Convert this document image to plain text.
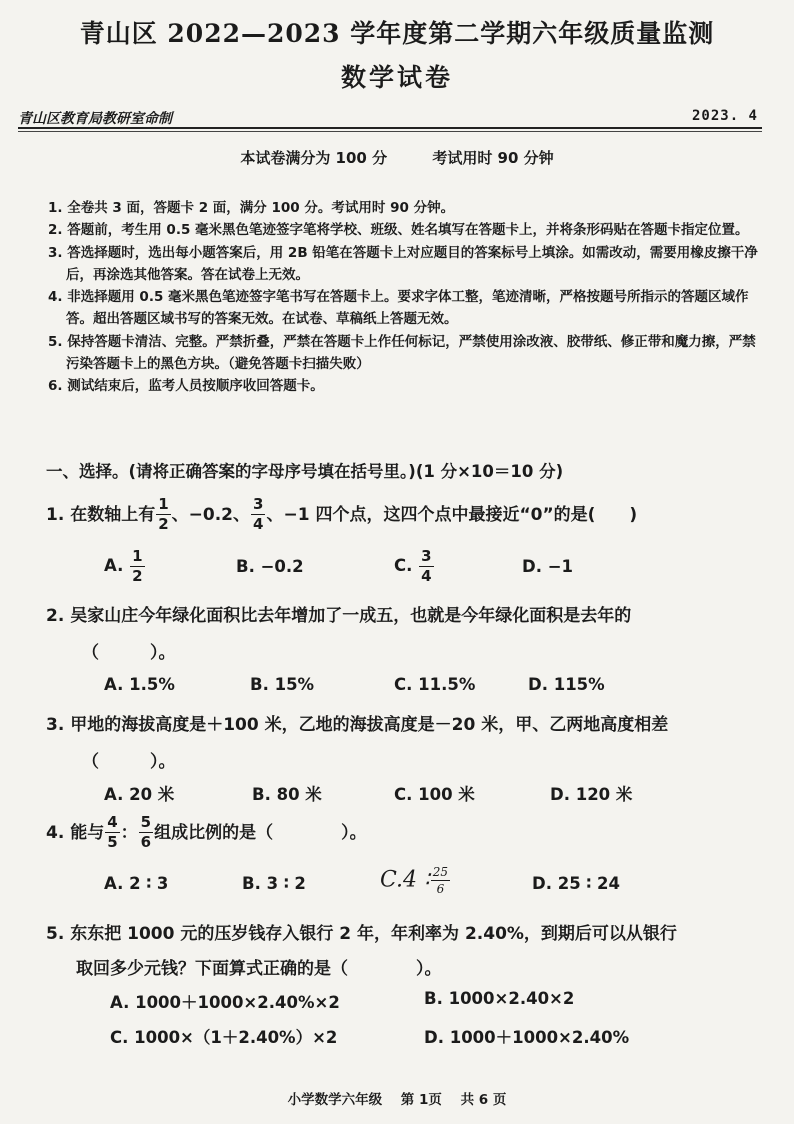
青山区 2022—2023 学年度第二学期六年级质量监测
数学试卷
青山区教育局教研室命制	2023. 4
本试卷满分为 100 分	考试用时 90 分钟
1. 全卷共 3 面，答题卡 2 面，满分 100 分。考试用时 90 分钟。
2. 答题前，考生用 0.5 毫米黑色笔迹签字笔将学校、班级、姓名填写在答题卡上，并将条形码贴在答题卡指定位置。
3. 答选择题时，选出每小题答案后，用 2B 铅笔在答题卡上对应题目的答案标号上填涂。如需改动，需要用橡皮擦干净后，再涂选其他答案。答在试卷上无效。
4. 非选择题用 0.5 毫米黑色笔迹签字笔书写在答题卡上。要求字体工整，笔迹清晰，严格按题号所指示的答题区域作答。超出答题区域书写的答案无效。在试卷、草稿纸上答题无效。
5. 保持答题卡清洁、完整。严禁折叠，严禁在答题卡上作任何标记，严禁使用涂改液、胶带纸、修正带和魔力擦，严禁污染答题卡上的黑色方块。（避免答题卡扫描失败）
6. 测试结束后，监考人员按顺序收回答题卡。
一、选择。(请将正确答案的字母序号填在括号里。)(1 分×10＝10 分)
1. 在数轴上有 $\frac{1}{2}$ 、−0.2、 $\frac{3}{4}$ 、−1 四个点，这四个点中最接近“0”的是(　　)
A. $\frac{1}{2}$	B. −0.2	C. $\frac{3}{4}$	D. −1
2. 吴家山庄今年绿化面积比去年增加了一成五，也就是今年绿化面积是去年的
（　　　）。
A. 1.5%	B. 15%	C. 11.5%	D. 115%
3. 甲地的海拔高度是＋100 米，乙地的海拔高度是－20 米，甲、乙两地高度相差
（　　　）。
A. 20 米	B. 80 米	C. 100 米	D. 120 米
4. 能与 $\frac{4}{5}$ ： $\frac{5}{6}$ 组成比例的是（　　　　）。
A. 2 ∶ 3	B. 3 ∶ 2	C.4 ∶ $\frac{25}{6}$	D. 25 ∶ 24
5. 东东把 1000 元的压岁钱存入银行 2 年，年利率为 2.40%，到期后可以从银行
取回多少元钱？下面算式正确的是（　　　　）。
A. 1000＋1000×2.40%×2	B. 1000×2.40×2
C. 1000×（1＋2.40%）×2	D. 1000＋1000×2.40%
小学数学六年级 第 1页 共 6 页
